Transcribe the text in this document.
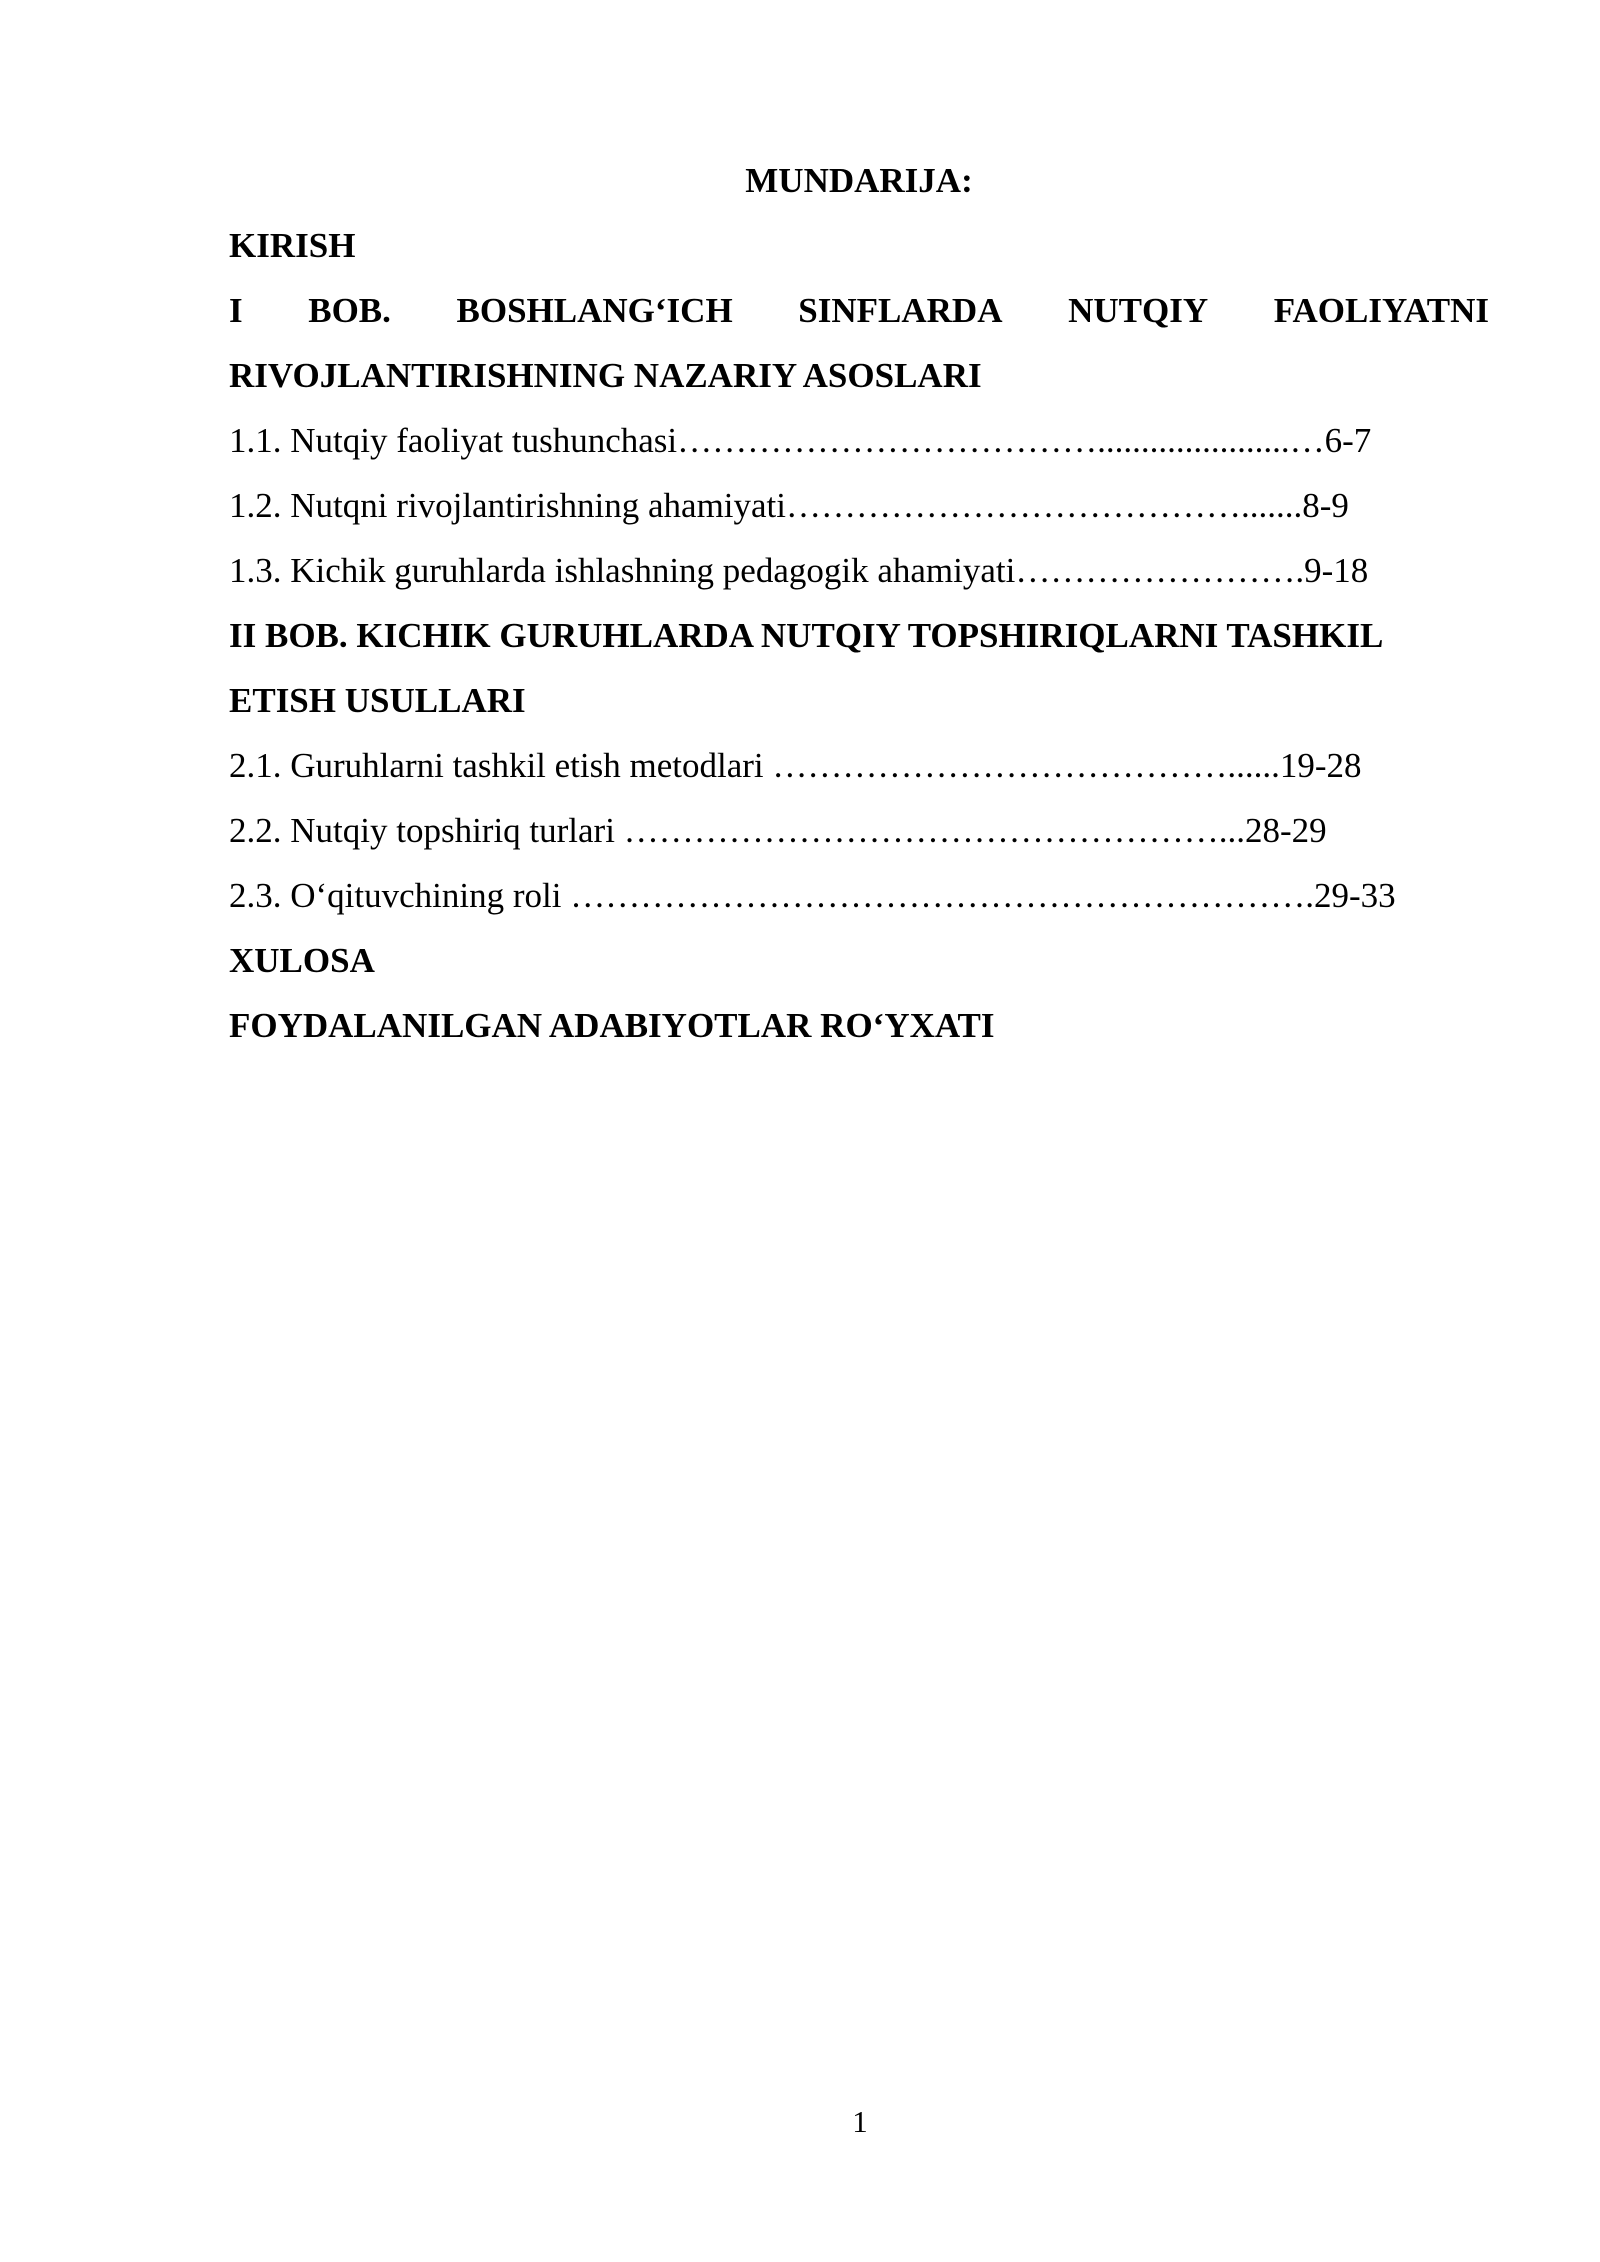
MUNDARIJA:
KIRISH
I BOB. BOSHLANG‘ICH SINFLARDA NUTQIY FAOLIYATNI
RIVOJLANTIRISHNING NAZARIY ASOSLARI
1.1. Nutqiy faoliyat tushunchasi………………………………......................…6-7
1.2. Nutqni rivojlantirishning ahamiyati………………………………….......8-9
1.3. Kichik guruhlarda ishlashning pedagogik ahamiyati…………………….9-18
II BOB. KICHIK GURUHLARDA NUTQIY TOPSHIRIQLARNI TASHKIL
ETISH USULLARI
2.1. Guruhlarni tashkil etish metodlari …………………………………......19-28
2.2. Nutqiy topshiriq turlari ……………………………………………...28-29
2.3. O‘qituvchining roli ……………………………………………………….29-33
XULOSA
FOYDALANILGAN ADABIYOTLAR RO‘YXATI
1
